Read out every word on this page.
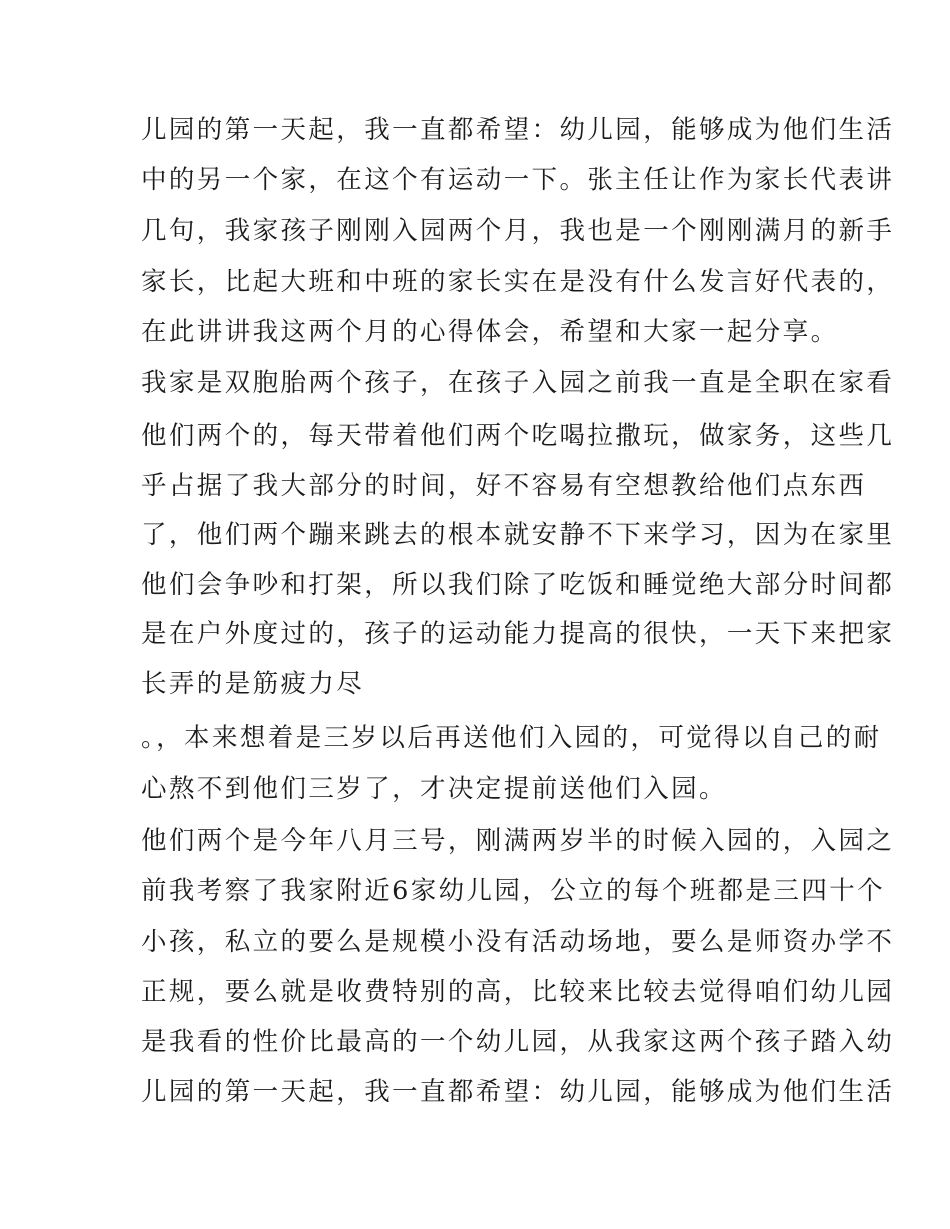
儿园的第一天起，我一直都希望：幼儿园，能够成为他们生活
中的另一个家，在这个有运动一下。张主任让作为家长代表讲
几句，我家孩子刚刚入园两个月，我也是一个刚刚满月的新手
家长，比起大班和中班的家长实在是没有什么发言好代表的，
在此讲讲我这两个月的心得体会，希望和大家一起分享。
我家是双胞胎两个孩子，在孩子入园之前我一直是全职在家看
他们两个的，每天带着他们两个吃喝拉撒玩，做家务，这些几
乎占据了我大部分的时间，好不容易有空想教给他们点东西
了，他们两个蹦来跳去的根本就安静不下来学习，因为在家里
他们会争吵和打架，所以我们除了吃饭和睡觉绝大部分时间都
是在户外度过的，孩子的运动能力提高的很快，一天下来把家
长弄的是筋疲力尽
。，本来想着是三岁以后再送他们入园的，可觉得以自己的耐
心熬不到他们三岁了，才决定提前送他们入园。
他们两个是今年八月三号，刚满两岁半的时候入园的，入园之
前我考察了我家附近6家幼儿园，公立的每个班都是三四十个
小孩，私立的要么是规模小没有活动场地，要么是师资办学不
正规，要么就是收费特别的高，比较来比较去觉得咱们幼儿园
是我看的性价比最高的一个幼儿园，从我家这两个孩子踏入幼
儿园的第一天起，我一直都希望：幼儿园，能够成为他们生活
